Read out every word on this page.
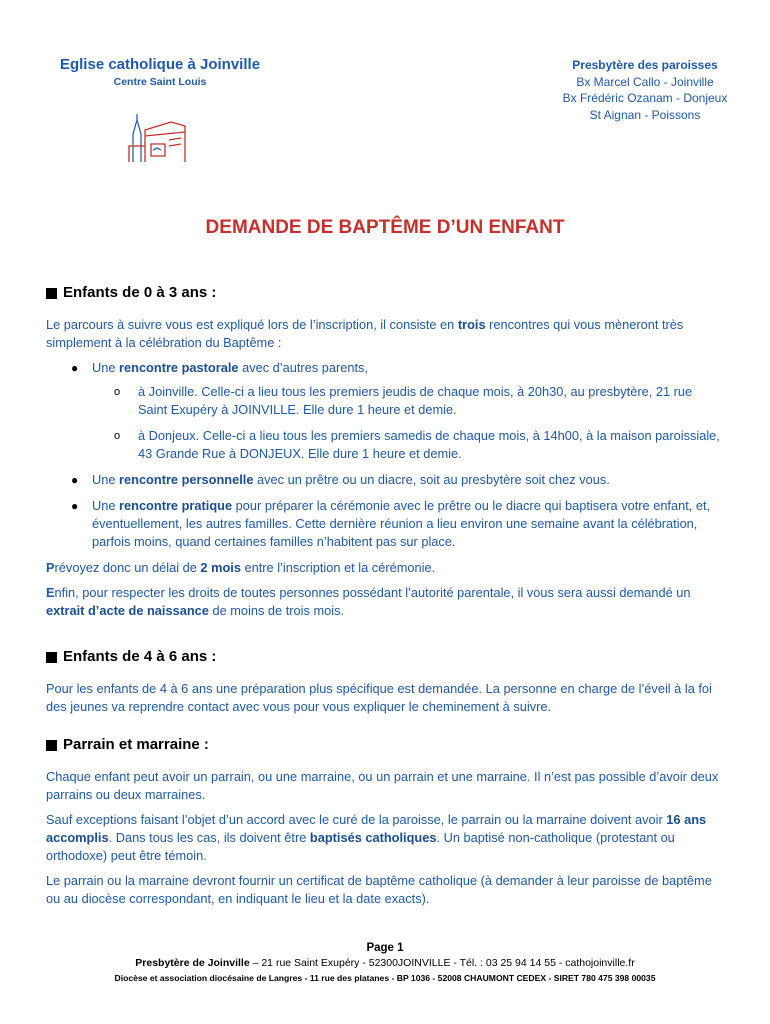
Eglise catholique à Joinville
Centre Saint Louis
Presbytère des paroisses
Bx Marcel Callo - Joinville
Bx Frédéric Ozanam - Donjeux
St Aignan - Poissons
DEMANDE DE BAPTÊME D’UN ENFANT
Enfants de 0 à 3 ans :

Le parcours à suivre vous est expliqué lors de l’inscription, il consiste en trois rencontres qui vous mèneront très simplement à la célébration du Baptême :

● Une rencontre pastorale avec d’autres parents,
o à Joinville. Celle-ci a lieu tous les premiers jeudis de chaque mois, à 20h30, au presbytère, 21 rue Saint Exupéry à JOINVILLE. Elle dure 1 heure et demie.
o à Donjeux. Celle-ci a lieu tous les premiers samedis de chaque mois, à 14h00, à la maison paroissiale, 43 Grande Rue à DONJEUX. Elle dure 1 heure et demie.
● Une rencontre personnelle avec un prêtre ou un diacre, soit au presbytère soit chez vous.
● Une rencontre pratique pour préparer la cérémonie avec le prêtre ou le diacre qui baptisera votre enfant, et, éventuellement, les autres familles. Cette dernière réunion a lieu environ une semaine avant la célébration, parfois moins, quand certaines familles n’habitent pas sur place.

Prévoyez donc un délai de 2 mois entre l’inscription et la cérémonie.

Enfin, pour respecter les droits de toutes personnes possédant l’autorité parentale, il vous sera aussi demandé un extrait d’acte de naissance de moins de trois mois.

Enfants de 4 à 6 ans :

Pour les enfants de 4 à 6 ans une préparation plus spécifique est demandée. La personne en charge de l’éveil à la foi des jeunes va reprendre contact avec vous pour vous expliquer le cheminement à suivre.

Parrain et marraine :

Chaque enfant peut avoir un parrain, ou une marraine, ou un parrain et une marraine. Il n’est pas possible d’avoir deux parrains ou deux marraines.

Sauf exceptions faisant l’objet d’un accord avec le curé de la paroisse, le parrain ou la marraine doivent avoir 16 ans accomplis. Dans tous les cas, ils doivent être baptisés catholiques. Un baptisé non-catholique (protestant ou orthodoxe) peut être témoin.

Le parrain ou la marraine devront fournir un certificat de baptême catholique (à demander à leur paroisse de baptême ou au diocèse correspondant, en indiquant le lieu et la date exacts).

Page 1
Presbytère de Joinville – 21 rue Saint Exupéry - 52300JOINVILLE - Tél. : 03 25 94 14 55 - cathojoinville.fr
Diocèse et association diocésaine de Langres - 11 rue des platanes - BP 1036 - 52008 CHAUMONT CEDEX - SIRET 780 475 398 00035
